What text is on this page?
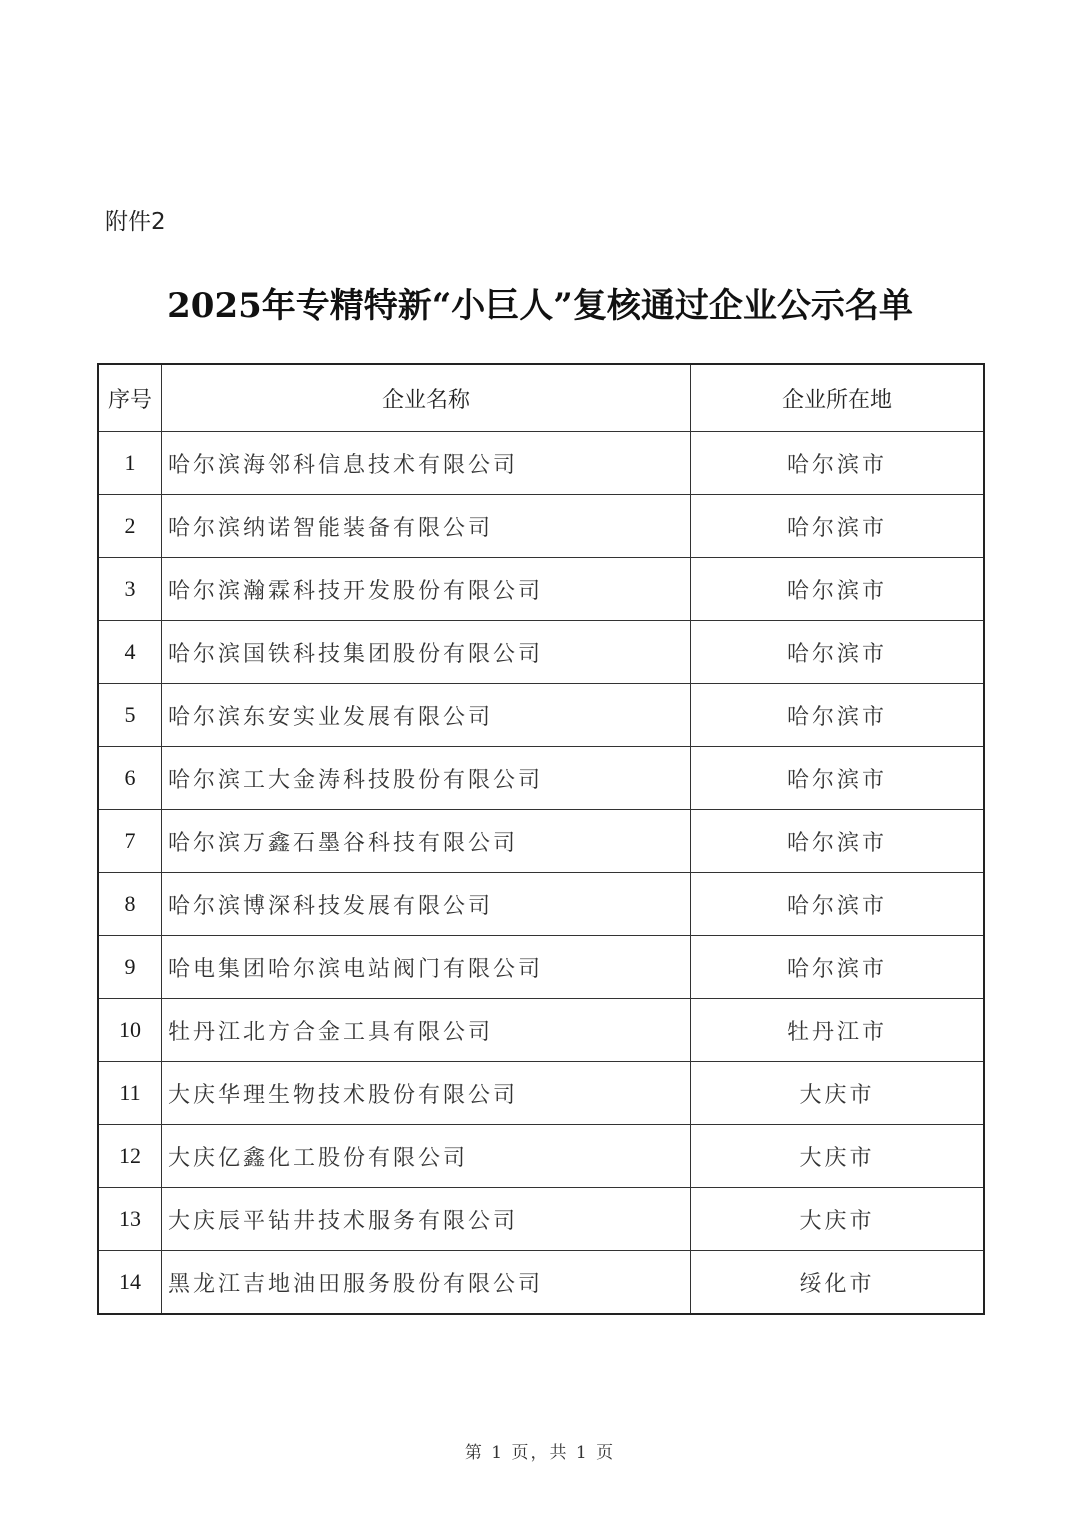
附件2
2025年专精特新“小巨人”复核通过企业公示名单
序号	企业名称	企业所在地
1	哈尔滨海邻科信息技术有限公司	哈尔滨市
2	哈尔滨纳诺智能装备有限公司	哈尔滨市
3	哈尔滨瀚霖科技开发股份有限公司	哈尔滨市
4	哈尔滨国铁科技集团股份有限公司	哈尔滨市
5	哈尔滨东安实业发展有限公司	哈尔滨市
6	哈尔滨工大金涛科技股份有限公司	哈尔滨市
7	哈尔滨万鑫石墨谷科技有限公司	哈尔滨市
8	哈尔滨博深科技发展有限公司	哈尔滨市
9	哈电集团哈尔滨电站阀门有限公司	哈尔滨市
10	牡丹江北方合金工具有限公司	牡丹江市
11	大庆华理生物技术股份有限公司	大庆市
12	大庆亿鑫化工股份有限公司	大庆市
13	大庆辰平钻井技术服务有限公司	大庆市
14	黑龙江吉地油田服务股份有限公司	绥化市
第 1 页，共 1 页
